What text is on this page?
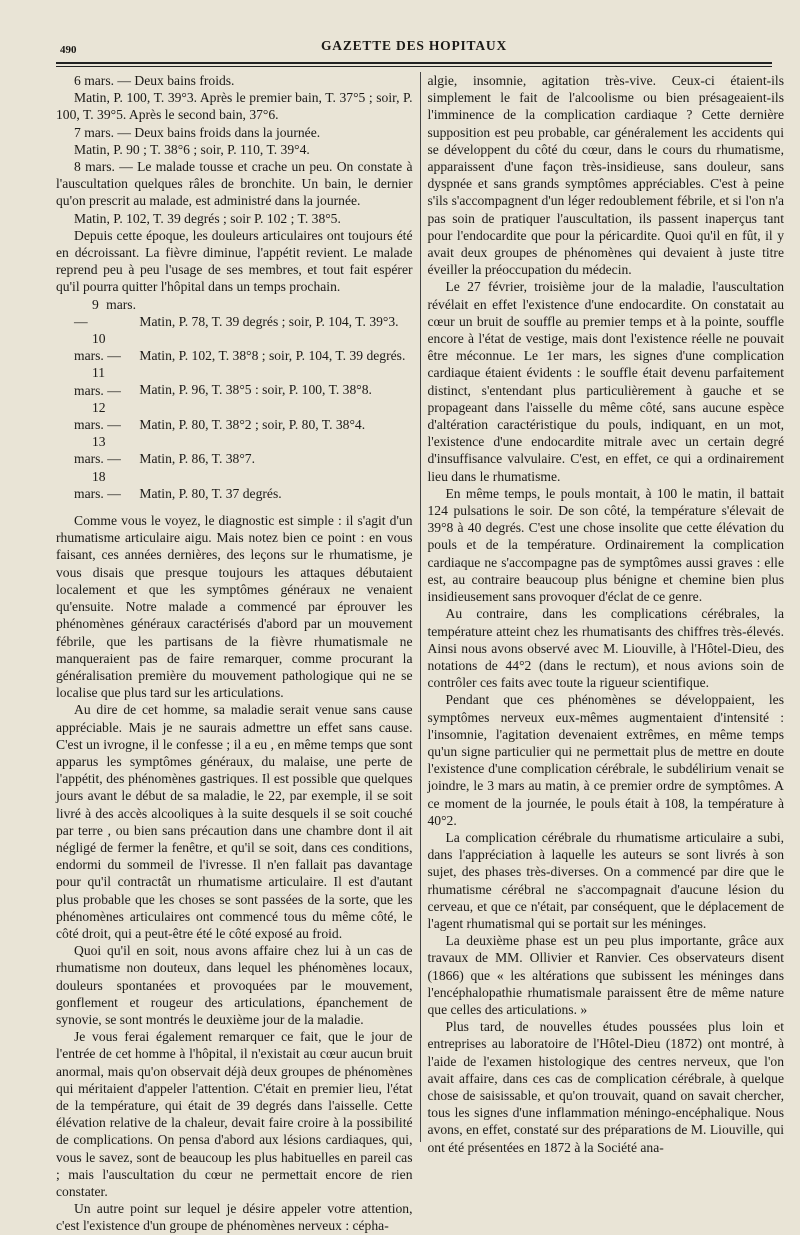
490	GAZETTE DES HOPITAUX

6 mars. — Deux bains froids.

Matin, P. 100, T. 39°3. Après le premier bain, T. 37°5 ; soir, P. 100, T. 39°5. Après le second bain, 37°6.

7 mars. — Deux bains froids dans la journée.

Matin, P. 90 ; T. 38°6 ; soir, P. 110, T. 39°4.

8 mars. — Le malade tousse et crache un peu. On constate à l'auscultation quelques râles de bronchite. Un bain, le dernier qu'on prescrit au malade, est administré dans la journée.

Matin, P. 102, T. 39 degrés ; soir P. 102 ; T. 38°5.

Depuis cette époque, les douleurs articulaires ont toujours été en décroissant. La fièvre diminue, l'appétit revient. Le malade reprend peu à peu l'usage de ses membres, et tout fait espérer qu'il pourra quitter l'hôpital dans un temps prochain.

9 mars.—	Matin, P. 78, T. 39 degrés ; soir, P. 104, T. 39°3.

10 mars. — Matin, P. 102, T. 38°8 ; soir, P. 104, T. 39 degrés.

11 mars. — Matin, P. 96, T. 38°5 : soir, P. 100, T. 38°8.

12 mars. — Matin, P. 80, T. 38°2 ; soir, P. 80, T. 38°4.

13 mars. — Matin, P. 86, T. 38°7.

18 mars. — Matin, P. 80, T. 37 degrés.

Comme vous le voyez, le diagnostic est simple : il s'agit d'un rhumatisme articulaire aigu. Mais notez bien ce point : en vous faisant, ces années dernières, des leçons sur le rhumatisme, je vous disais que presque toujours les attaques débutaient localement et que les symptômes généraux ne venaient qu'ensuite. Notre malade a commencé par éprouver les phénomènes généraux caractérisés d'abord par un mouvement fébrile, que les partisans de la fièvre rhumatismale ne manqueraient pas de faire remarquer, comme procurant la généralisation première du mouvement pathologique qui ne se localise que plus tard sur les articulations.

Au dire de cet homme, sa maladie serait venue sans cause appréciable. Mais je ne saurais admettre un effet sans cause. C'est un ivrogne, il le confesse ; il a eu , en même temps que sont apparus les symptômes généraux, du malaise, une perte de l'appétit, des phénomènes gastriques. Il est possible que quelques jours avant le début de sa maladie, le 22, par exemple, il se soit livré à des accès alcooliques à la suite desquels il se soit couché par terre , ou bien sans précaution dans une chambre dont il ait négligé de fermer la fenêtre, et qu'il se soit, dans ces conditions, endormi du sommeil de l'ivresse. Il n'en fallait pas davantage pour qu'il contractât un rhumatisme articulaire. Il est d'autant plus probable que les choses se sont passées de la sorte, que les phénomènes articulaires ont commencé tous du même côté, le côté droit, qui a peut-être été le côté exposé au froid.

Quoi qu'il en soit, nous avons affaire chez lui à un cas de rhumatisme non douteux, dans lequel les phénomènes locaux, douleurs spontanées et provoquées par le mouvement, gonflement et rougeur des articulations, épanchement de synovie, se sont montrés le deuxième jour de la maladie.

Je vous ferai également remarquer ce fait, que le jour de l'entrée de cet homme à l'hôpital, il n'existait au cœur aucun bruit anormal, mais qu'on observait déjà deux groupes de phénomènes qui méritaient d'appeler l'attention. C'était en premier lieu, l'état de la température, qui était de 39 degrés dans l'aisselle. Cette élévation relative de la chaleur, devait faire croire à la possibilité de complications. On pensa d'abord aux lésions cardiaques, qui, vous le savez, sont de beaucoup les plus habituelles en pareil cas ; mais l'auscultation du cœur ne permettait encore de rien constater.

Un autre point sur lequel je désire appeler votre attention, c'est l'existence d'un groupe de phénomènes nerveux : cépha-

algie, insomnie, agitation très-vive. Ceux-ci étaient-ils simplement le fait de l'alcoolisme ou bien présageaient-ils l'imminence de la complication cardiaque ? Cette dernière supposition est peu probable, car généralement les accidents qui se développent du côté du cœur, dans le cours du rhumatisme, apparaissent d'une façon très-insidieuse, sans douleur, sans dyspnée et sans grands symptômes appréciables. C'est à peine s'ils s'accompagnent d'un léger redoublement fébrile, et si l'on n'a pas soin de pratiquer l'auscultation, ils passent inaperçus tant pour l'endocardite que pour la péricardite. Quoi qu'il en fût, il y avait deux groupes de phénomènes qui devaient à juste titre éveiller la préoccupation du médecin.

Le 27 février, troisième jour de la maladie, l'auscultation révélait en effet l'existence d'une endocardite. On constatait au cœur un bruit de souffle au premier temps et à la pointe, souffle encore à l'état de vestige, mais dont l'existence réelle ne pouvait être méconnue. Le 1er mars, les signes d'une complication cardiaque étaient évidents : le souffle était devenu parfaitement distinct, s'entendant plus particulièrement à gauche et se propageant dans l'aisselle du même côté, sans aucune espèce d'altération caractéristique du pouls, indiquant, en un mot, l'existence d'une endocardite mitrale avec un certain degré d'insuffisance valvulaire. C'est, en effet, ce qui a ordinairement lieu dans le rhumatisme.

En même temps, le pouls montait, à 100 le matin, il battait 124 pulsations le soir. De son côté, la température s'élevait de 39°8 à 40 degrés. C'est une chose insolite que cette élévation du pouls et de la température. Ordinairement la complication cardiaque ne s'accompagne pas de symptômes aussi graves : elle est, au contraire beaucoup plus bénigne et chemine bien plus insidieusement sans provoquer d'éclat de ce genre.

Au contraire, dans les complications cérébrales, la température atteint chez les rhumatisants des chiffres très-élevés. Ainsi nous avons observé avec M. Liouville, à l'Hôtel-Dieu, des notations de 44°2 (dans le rectum), et nous avions soin de contrôler ces faits avec toute la rigueur scientifique.

Pendant que ces phénomènes se développaient, les symptômes nerveux eux-mêmes augmentaient d'intensité : l'insomnie, l'agitation devenaient extrêmes, en même temps qu'un signe particulier qui ne permettait plus de mettre en doute l'existence d'une complication cérébrale, le subdélirium venait se joindre, le 3 mars au matin, à ce premier ordre de symptômes. A ce moment de la journée, le pouls était à 108, la température à 40°2.

La complication cérébrale du rhumatisme articulaire a subi, dans l'appréciation à laquelle les auteurs se sont livrés à son sujet, des phases très-diverses. On a commencé par dire que le rhumatisme cérébral ne s'accompagnait d'aucune lésion du cerveau, et que ce n'était, par conséquent, que le déplacement de l'agent rhumatismal qui se portait sur les méninges.

La deuxième phase est un peu plus importante, grâce aux travaux de MM. Ollivier et Ranvier. Ces observateurs disent (1866) que « les altérations que subissent les méninges dans l'encéphalopathie rhumatismale paraissent être de même nature que celles des articulations. »

Plus tard, de nouvelles études poussées plus loin et entreprises au laboratoire de l'Hôtel-Dieu (1872) ont montré, à l'aide de l'examen histologique des centres nerveux, que l'on avait affaire, dans ces cas de complication cérébrale, à quelque chose de saisissable, et qu'on trouvait, quand on savait chercher, tous les signes d'une inflammation méningo-encéphalique. Nous avons, en effet, constaté sur des préparations de M. Liouville, qui ont été présentées en 1872 à la Société ana-
